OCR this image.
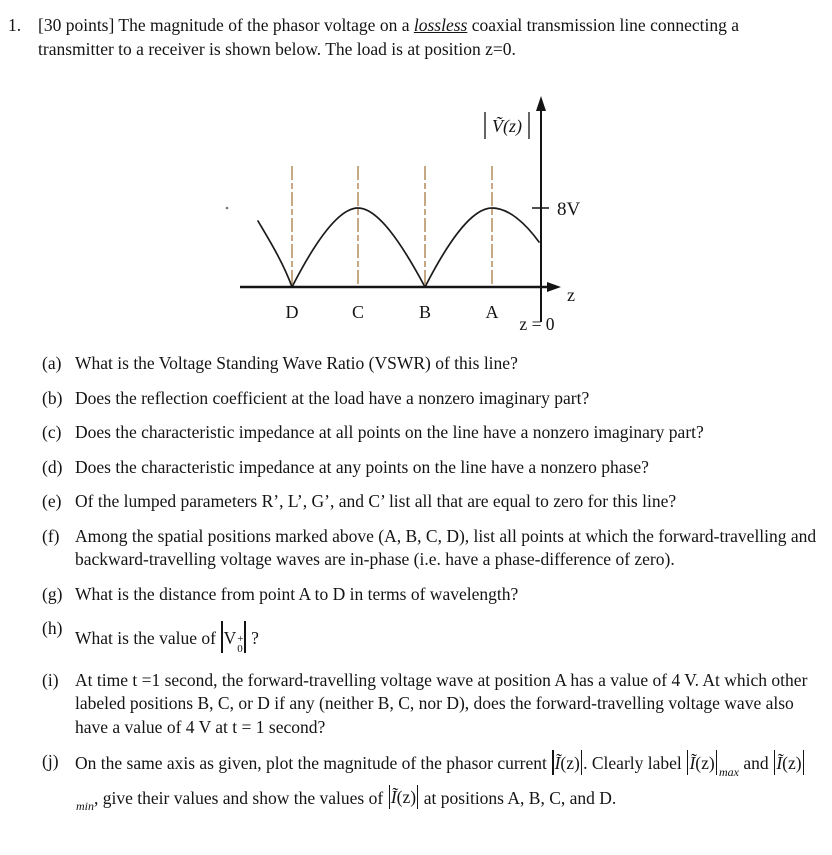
1. [30 points] The magnitude of the phasor voltage on a lossless coaxial transmission line connecting a transmitter to a receiver is shown below. The load is at position z=0.
8V
Ṽ(z)
z
z = 0
D	C	B	A
(a) What is the Voltage Standing Wave Ratio (VSWR) of this line?
(b) Does the reflection coefficient at the load have a nonzero imaginary part?
(c) Does the characteristic impedance at all points on the line have a nonzero imaginary part?
(d) Does the characteristic impedance at any points on the line have a nonzero phase?
(e) Of the lumped parameters R’, L’, G’, and C’ list all that are equal to zero for this line?
(f) Among the spatial positions marked above (A, B, C, D), list all points at which the forward-travelling and backward-travelling voltage waves are in-phase (i.e. have a phase-difference of zero).
(g) What is the distance from point A to D in terms of wavelength?
(h) What is the value of V +
0
?
(i) At time t =1 second, the forward-travelling voltage wave at position A has a value of 4 V. At which other labeled positions B, C, or D if any (neither B, C, nor D), does the forward-travelling voltage wave also have a value of 4 V at t = 1 second?
(j) On the same axis as given, plot the magnitude of the phasor current Ĩ(z) . Clearly label Ĩ(z) $_{max}$ and $Ĩ(z)_{min}$, give their values and show the values of Ĩ(z) at positions A, B, C, and D.
